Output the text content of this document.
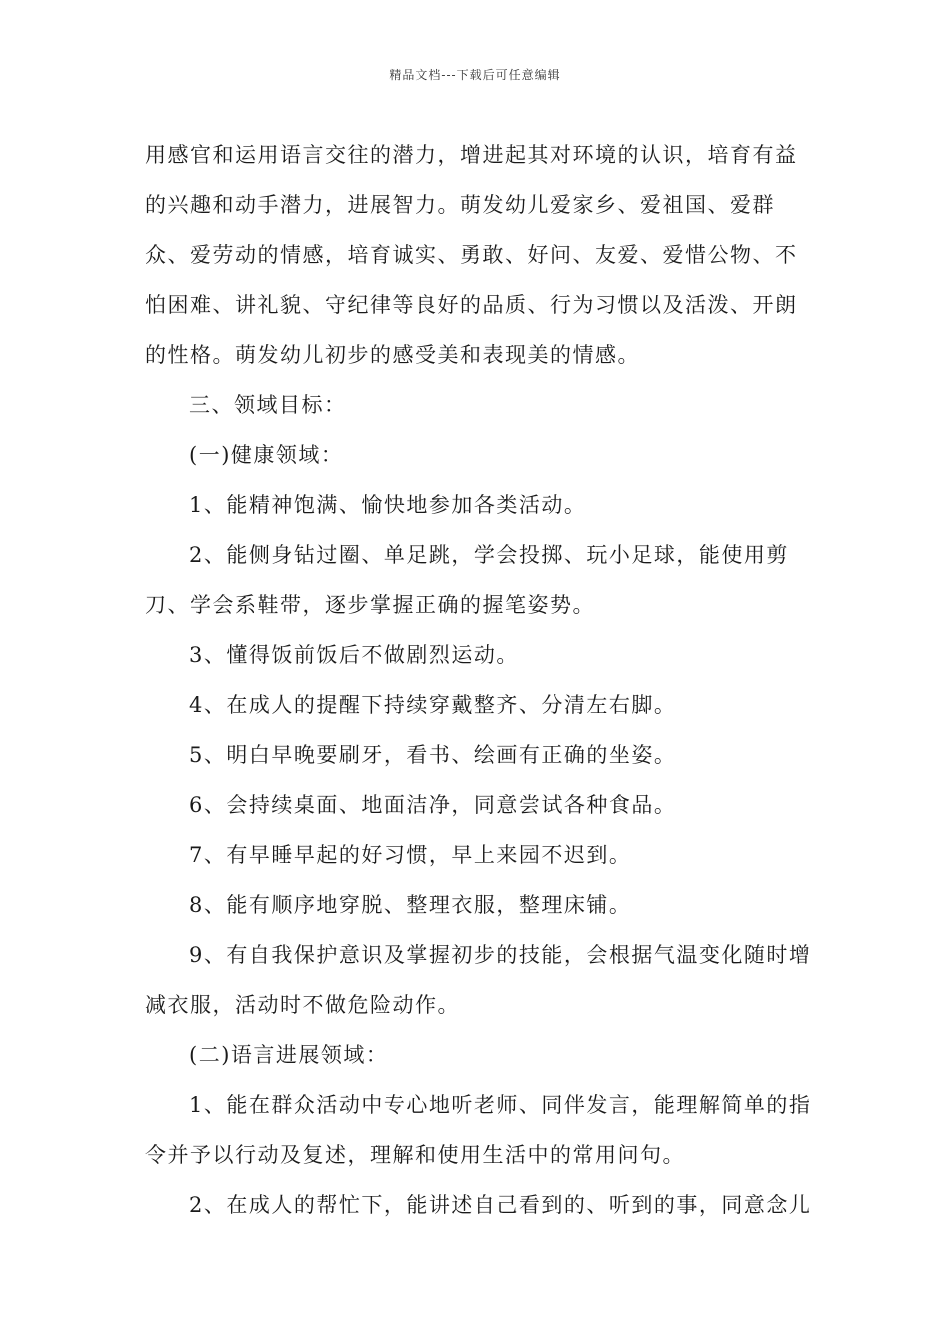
精品文档---下载后可任意编辑

用感官和运用语言交往的潜力，增进起其对环境的认识，培育有益的兴趣和动手潜力，进展智力。萌发幼儿爱家乡、爱祖国、爱群众、爱劳动的情感，培育诚实、勇敢、好问、友爱、爱惜公物、不怕困难、讲礼貌、守纪律等良好的品质、行为习惯以及活泼、开朗的性格。萌发幼儿初步的感受美和表现美的情感。

三、领域目标：

(一)健康领域：

1、能精神饱满、愉快地参加各类活动。

2、能侧身钻过圈、单足跳，学会投掷、玩小足球，能使用剪刀、学会系鞋带，逐步掌握正确的握笔姿势。

3、懂得饭前饭后不做剧烈运动。

4、在成人的提醒下持续穿戴整齐、分清左右脚。

5、明白早晚要刷牙，看书、绘画有正确的坐姿。

6、会持续桌面、地面洁净，同意尝试各种食品。

7、有早睡早起的好习惯，早上来园不迟到。

8、能有顺序地穿脱、整理衣服，整理床铺。

9、有自我保护意识及掌握初步的技能，会根据气温变化随时增减衣服，活动时不做危险动作。

(二)语言进展领域：

1、能在群众活动中专心地听老师、同伴发言，能理解简单的指令并予以行动及复述，理解和使用生活中的常用问句。

2、在成人的帮忙下，能讲述自己看到的、听到的事，同意念儿
